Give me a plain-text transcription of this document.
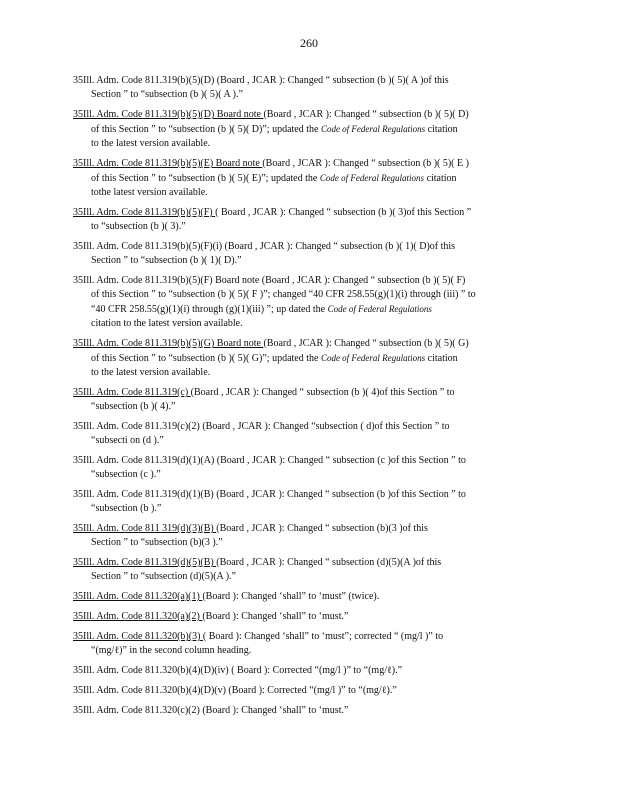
260
35Ill. Adm. Code 811.319(b)(5)(D) (Board , JCAR ): Changed “ subsection (b )( 5)( A )of this
Section ” to “subsection (b )( 5)( A ).”
35Ill. Adm. Code 811.319(b)(5)(D) Board note (Board , JCAR ): Changed “ subsection (b )( 5)( D)
of this Section ” to “subsection (b )( 5)( D)”; updated the Code of Federal Regulations citation
to the latest version available.
35Ill. Adm. Code 811.319(b)(5)(E) Board note (Board , JCAR ): Changed “ subsection (b )( 5)( E )
of this Section ” to “subsection (b )( 5)( E)”; updated the Code of Federal Regulations citation
tothe latest version available.
35Ill. Adm. Code 811.319(b)(5)(F) ( Board , JCAR ): Changed “ subsection (b )( 3)of this Section ”
to “subsection (b )( 3).”
35Ill. Adm. Code 811.319(b)(5)(F)(i) (Board , JCAR ): Changed “ subsection (b )( 1)( D)of this
Section ” to “subsection (b )( 1)( D).”
35Ill. Adm. Code 811.319(b)(5)(F) Board note (Board , JCAR ): Changed “ subsection (b )( 5)( F)
of this Section ” to “subsection (b )( 5)( F )”; changed “40 CFR 258.55(g)(1)(i) through (iii) ” to
“40 CFR 258.55(g)(1)(i) through (g)(1)(iii) ”; up dated the Code of Federal Regulations
citation to the latest version available.
35Ill. Adm. Code 811.319(b)(5)(G) Board note (Board , JCAR ): Changed “ subsection (b )( 5)( G)
of this Section ” to “subsection (b )( 5)( G)”; updated the Code of Federal Regulations citation
to the latest version available.
35Ill. Adm. Code 811.319(c) (Board , JCAR ): Changed “ subsection (b )( 4)of this Section ” to
“subsection (b )( 4).”
35Ill. Adm. Code 811.319(c)(2) (Board , JCAR ): Changed “subsection ( d)of this Section ” to
“subsecti on (d ).”
35Ill. Adm. Code 811.319(d)(1)(A) (Board , JCAR ): Changed “ subsection (c )of this Section ” to
“subsection (c ).”
35Ill. Adm. Code 811.319(d)(1)(B) (Board , JCAR ): Changed “ subsection (b )of this Section ” to
“subsection (b ).”
35Ill. Adm. Code 811 319(d)(3)(B) (Board , JCAR ): Changed “ subsection (b)(3 )of this
Section ” to “subsection (b)(3 ).”
35Ill. Adm. Code 811.319(d)(5)(B) (Board , JCAR ): Changed “ subsection (d)(5)(A )of this
Section ” to “subsection (d)(5)(A ).”
35Ill. Adm. Code 811.320(a)(1) (Board ): Changed ‘shall” to ‘must” (twice).
35Ill. Adm. Code 811.320(a)(2) (Board ): Changed ‘shall” to ‘must.”
35Ill. Adm. Code 811.320(b)(3) ( Board ): Changed ‘shall” to ‘must”; corrected “ (mg/l )” to
“(mg/ℓ)” in the second column heading.
35Ill. Adm. Code 811.320(b)(4)(D)(iv) ( Board ): Corrected “(mg/l )” to “(mg/ℓ).”
35Ill. Adm. Code 811.320(b)(4)(D)(v) (Board ): Corrected “(mg/l )” to “(mg/ℓ).”
35Ill. Adm. Code 811.320(c)(2) (Board ): Changed ‘shall” to ‘must.”
